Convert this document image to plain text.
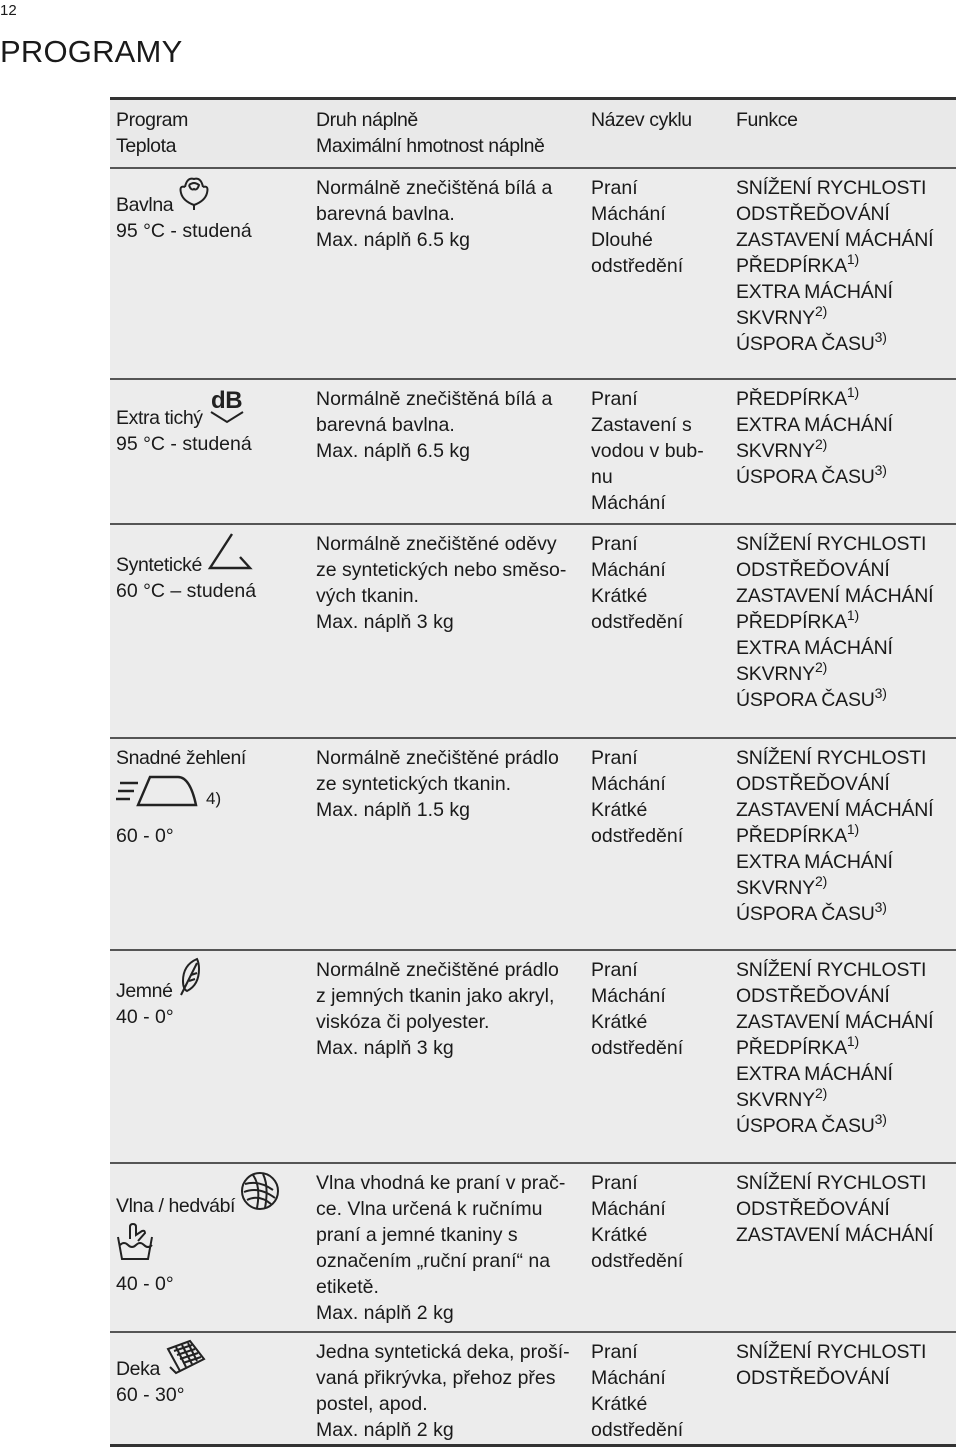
12
PROGRAMY
Program
Teplota
Druh náplně
Maximální hmotnost náplně
Název cyklu	Funkce
Bavlna
95 °C - studená
Normálně znečištěná bílá a
barevná bavlna.
Max. náplň 6.5 kg
Praní
Máchání
Dlouhé
odstředění
SNÍŽENÍ RYCHLOSTI
ODSTŘEĎOVÁNÍ
ZASTAVENÍ MÁCHÁNÍ
PŘEDPÍRKA$^{1)}$
EXTRA MÁCHÁNÍ
SKVRNY$^{2)}$
ÚSPORA ČASU$^{3)}$
Extra tichý
dB
95 °C - studená
Normálně znečištěná bílá a
barevná bavlna.
Max. náplň 6.5 kg
Praní
Zastavení s
vodou v bub-
nu
Máchání
PŘEDPÍRKA$^{1)}$
EXTRA MÁCHÁNÍ
SKVRNY$^{2)}$
ÚSPORA ČASU$^{3)}$
Syntetické
60 °C – studená
Normálně znečištěné oděvy
ze syntetických nebo směso-
vých tkanin.
Max. náplň 3 kg
Praní
Máchání
Krátké
odstředění
SNÍŽENÍ RYCHLOSTI
ODSTŘEĎOVÁNÍ
ZASTAVENÍ MÁCHÁNÍ
PŘEDPÍRKA$^{1)}$
EXTRA MÁCHÁNÍ
SKVRNY$^{2)}$
ÚSPORA ČASU$^{3)}$
Snadné žehlení
4)
60 - 0°
Normálně znečištěné prádlo
ze syntetických tkanin.
Max. náplň 1.5 kg
Praní
Máchání
Krátké
odstředění
SNÍŽENÍ RYCHLOSTI
ODSTŘEĎOVÁNÍ
ZASTAVENÍ MÁCHÁNÍ
PŘEDPÍRKA$^{1)}$
EXTRA MÁCHÁNÍ
SKVRNY$^{2)}$
ÚSPORA ČASU$^{3)}$
Jemné
40 - 0°
Normálně znečištěné prádlo
z jemných tkanin jako akryl,
viskóza či polyester.
Max. náplň 3 kg
Praní
Máchání
Krátké
odstředění
SNÍŽENÍ RYCHLOSTI
ODSTŘEĎOVÁNÍ
ZASTAVENÍ MÁCHÁNÍ
PŘEDPÍRKA$^{1)}$
EXTRA MÁCHÁNÍ
SKVRNY$^{2)}$
ÚSPORA ČASU$^{3)}$
Vlna / hedvábí
40 - 0°
Vlna vhodná ke praní v prač-
ce. Vlna určená k ručnímu
praní a jemné tkaniny s
označením „ruční praní“ na
etiketě.
Max. náplň 2 kg
Praní
Máchání
Krátké
odstředění
SNÍŽENÍ RYCHLOSTI
ODSTŘEĎOVÁNÍ
ZASTAVENÍ MÁCHÁNÍ
Deka
60 - 30°
Jedna syntetická deka, proší-
vaná přikrývka, přehoz přes
postel, apod.
Max. náplň 2 kg
Praní
Máchání
Krátké
odstředění
SNÍŽENÍ RYCHLOSTI
ODSTŘEĎOVÁNÍ
